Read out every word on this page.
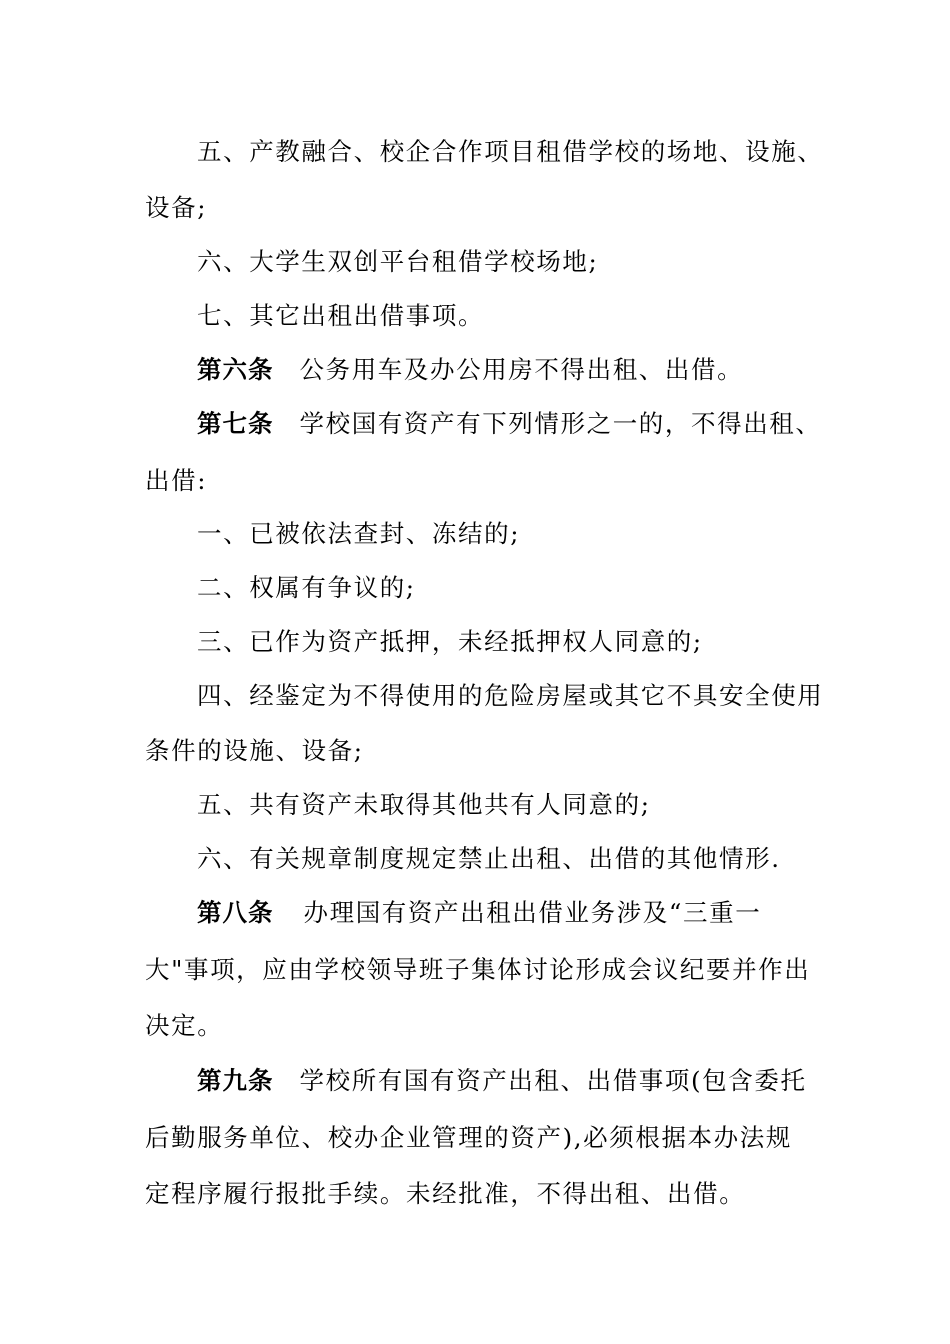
五、产教融合、校企合作项目租借学校的场地、设施、
设备;
六、大学生双创平台租借学校场地;
七、其它出租出借事项。
第六条 公务用车及办公用房不得出租、出借。
第七条 学校国有资产有下列情形之一的，不得出租、
出借:
一、已被依法查封、冻结的;
二、权属有争议的;
三、已作为资产抵押，未经抵押权人同意的;
四、经鉴定为不得使用的危险房屋或其它不具安全使用
条件的设施、设备;
五、共有资产未取得其他共有人同意的;
六、有关规章制度规定禁止出租、出借的其他情形.
第八条 办理国有资产出租出借业务涉及“三重一
大"事项，应由学校领导班子集体讨论形成会议纪要并作出
决定。
第九条 学校所有国有资产出租、出借事项(包含委托
后勤服务单位、校办企业管理的资产),必须根据本办法规
定程序履行报批手续。未经批准，不得出租、出借。
